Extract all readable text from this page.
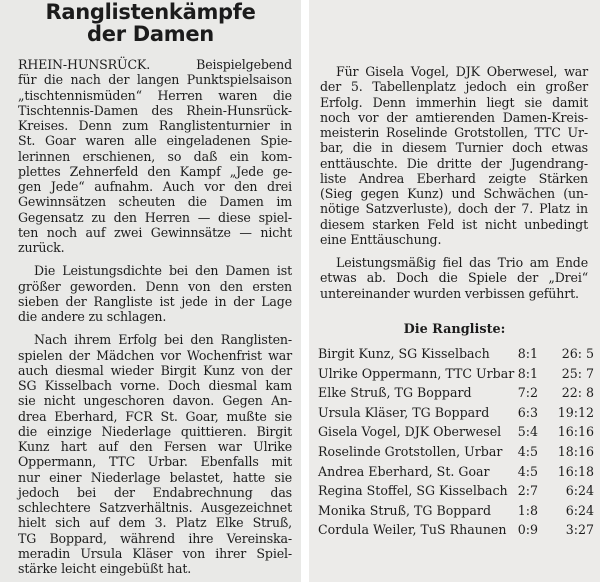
Ranglistenkämpfe
der Damen

RHEIN-HUNSRÜCK. Beispielgebend
für die nach der langen Punktspielsaison
„tischtennismüden“ Herren waren die
Tischtennis-Damen des Rhein-Hunsrück-
Kreises. Denn zum Ranglistenturnier in
St. Goar waren alle eingeladenen Spie-
lerinnen erschienen, so daß ein kom-
plettes Zehnerfeld den Kampf „Jede ge-
gen Jede“ aufnahm. Auch vor den drei
Gewinnsätzen scheuten die Damen im
Gegensatz zu den Herren — diese spiel-
ten noch auf zwei Gewinnsätze — nicht
zurück.

Die Leistungsdichte bei den Damen ist
größer geworden. Denn von den ersten
sieben der Rangliste ist jede in der Lage
die andere zu schlagen.

Nach ihrem Erfolg bei den Ranglisten-
spielen der Mädchen vor Wochenfrist war
auch diesmal wieder Birgit Kunz von der
SG Kisselbach vorne. Doch diesmal kam
sie nicht ungeschoren davon. Gegen An-
drea Eberhard, FCR St. Goar, mußte sie
die einzige Niederlage quittieren. Birgit
Kunz hart auf den Fersen war Ulrike
Oppermann, TTC Urbar. Ebenfalls mit
nur einer Niederlage belastet, hatte sie
jedoch bei der Endabrechnung das
schlechtere Satzverhältnis. Ausgezeichnet
hielt sich auf dem 3. Platz Elke Struß,
TG Boppard, während ihre Vereinska-
meradin Ursula Kläser von ihrer Spiel-
stärke leicht eingebüßt hat.

Für Gisela Vogel, DJK Oberwesel, war
der 5. Tabellenplatz jedoch ein großer
Erfolg. Denn immerhin liegt sie damit
noch vor der amtierenden Damen-Kreis-
meisterin Roselinde Grotstollen, TTC Ur-
bar, die in diesem Turnier doch etwas
enttäuschte. Die dritte der Jugendrang-
liste Andrea Eberhard zeigte Stärken
(Sieg gegen Kunz) und Schwächen (un-
nötige Satzverluste), doch der 7. Platz in
diesem starken Feld ist nicht unbedingt
eine Enttäuschung.

Leistungsmäßig fiel das Trio am Ende
etwas ab. Doch die Spiele der „Drei“
untereinander wurden verbissen geführt.

Die Rangliste:
Birgit Kunz, SG Kisselbach 8:1	26: 5
Ulrike Oppermann, TTC Urbar 8:1	25: 7
Elke Struß, TG Boppard	7:2	22: 8
Ursula Kläser, TG Boppard 6:3	19:12
Gisela Vogel, DJK Oberwesel 5:4	16:16
Roselinde Grotstollen, Urbar 4:5	18:16
Andrea Eberhard, St. Goar 4:5	16:18
Regina Stoffel, SG Kisselbach 2:7	6:24
Monika Struß, TG Boppard 1:8	6:24
Cordula Weiler, TuS Rhaunen 0:9	3:27
